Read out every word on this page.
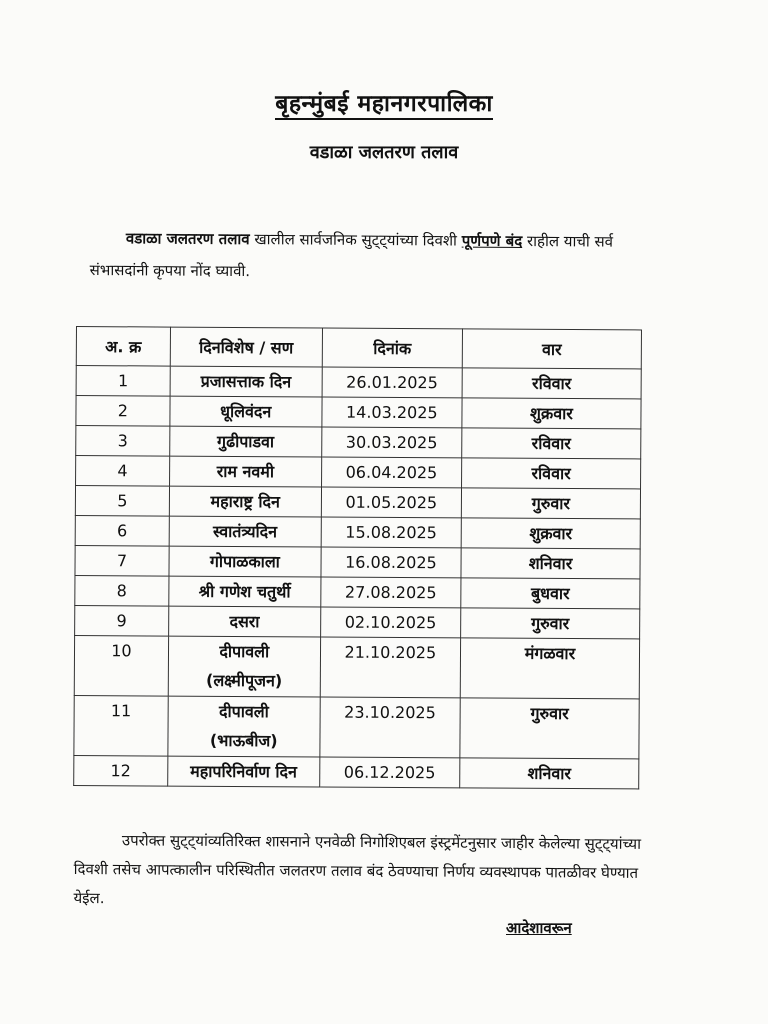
बृहन्मुंबई महानगरपालिका
वडाळा जलतरण तलाव
वडाळा जलतरण तलाव खालील सार्वजनिक सुट्ट्यांच्या दिवशी पूर्णपणे बंद राहील याची सर्व संभासदांनी कृपया नोंद घ्यावी.
अ. क्र	दिनविशेष / सण	दिनांक	वार
1	प्रजासत्ताक दिन	26.01.2025	रविवार
2	धूलिवंदन	14.03.2025	शुक्रवार
3	गुढीपाडवा	30.03.2025	रविवार
4	राम नवमी	06.04.2025	रविवार
5	महाराष्ट्र दिन	01.05.2025	गुरुवार
6	स्वातंत्र्यदिन	15.08.2025	शुक्रवार
7	गोपाळकाला	16.08.2025	शनिवार
8	श्री गणेश चतुर्थी	27.08.2025	बुधवार
9	दसरा	02.10.2025	गुरुवार
10	दीपावली
(लक्ष्मीपूजन)	21.10.2025	मंगळवार
11	दीपावली
(भाऊबीज)	23.10.2025	गुरुवार
12	महापरिनिर्वाण दिन	06.12.2025	शनिवार
उपरोक्त सुट्ट्यांव्यतिरिक्त शासनाने एनवेळी निगोशिएबल इंस्ट्रमेंटनुसार जाहीर केलेल्या सुट्ट्यांच्या दिवशी तसेच आपत्कालीन परिस्थितीत जलतरण तलाव बंद ठेवण्याचा निर्णय व्यवस्थापक पातळीवर घेण्यात येईल.
आदेशावरून
